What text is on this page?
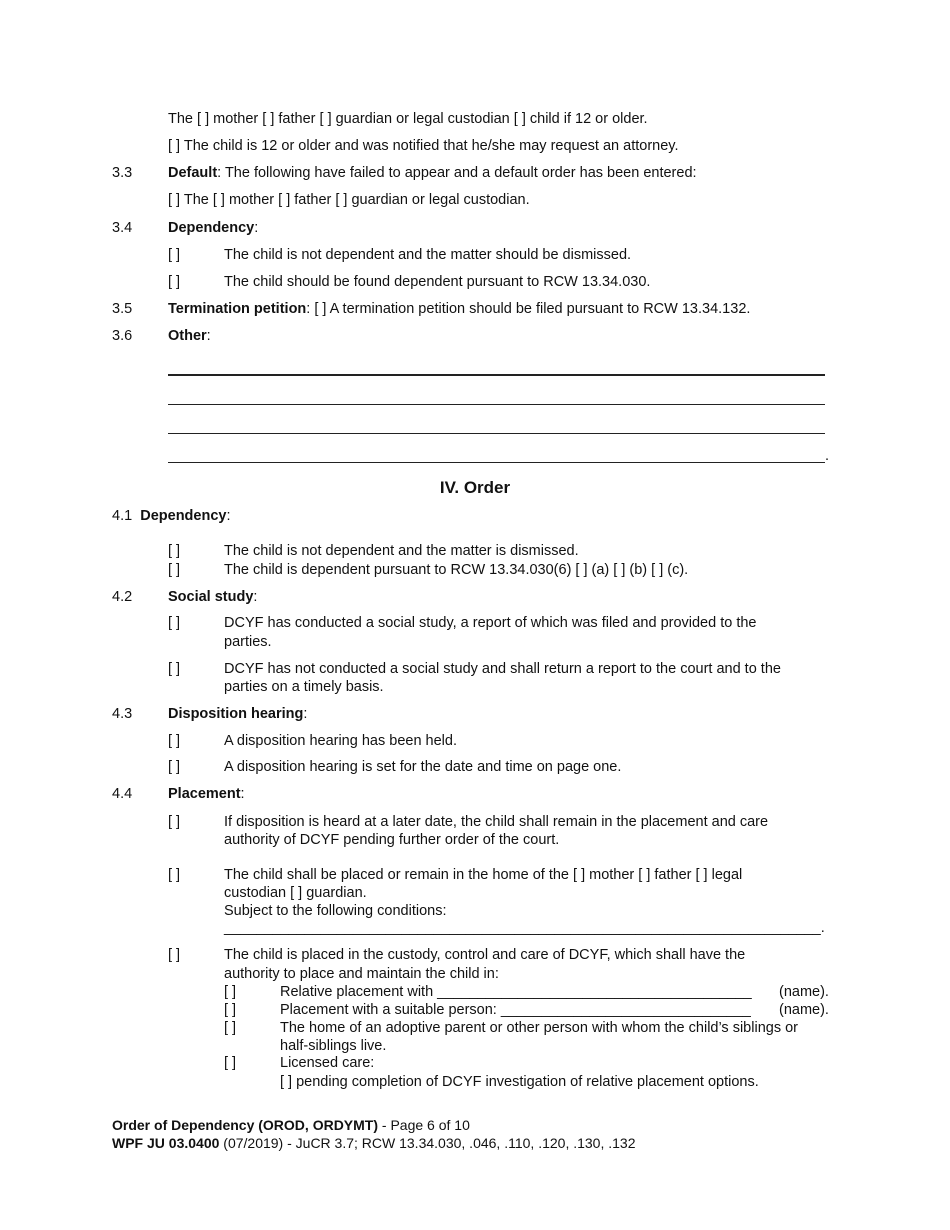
The [ ] mother [ ] father [ ] guardian or legal custodian [ ] child if 12 or older.
[ ] The child is 12 or older and was notified that he/she may request an attorney.
3.3 Default: The following have failed to appear and a default order has been entered:
[ ] The [ ] mother [ ] father [ ] guardian or legal custodian.
3.4 Dependency:
[ ]	The child is not dependent and the matter should be dismissed.
[ ]	The child should be found dependent pursuant to RCW 13.34.030.
3.5 Termination petition: [ ] A termination petition should be filed pursuant to RCW 13.34.132.
3.6 Other:
.
IV. Order
4.1 Dependency:
[ ]	The child is not dependent and the matter is dismissed.
[ ]	The child is dependent pursuant to RCW 13.34.030(6) [ ] (a) [ ] (b) [ ] (c).
4.2 Social study:
[ ]	DCYF has conducted a social study, a report of which was filed and provided to the
parties.
[ ]	DCYF has not conducted a social study and shall return a report to the court and to the
parties on a timely basis.
4.3 Disposition hearing:
[ ]	A disposition hearing has been held.
[ ]	A disposition hearing is set for the date and time on page one.
4.4 Placement:
[ ]	If disposition is heard at a later date, the child shall remain in the placement and care
authority of DCYF pending further order of the court.
[ ]	The child shall be placed or remain in the home of the [ ] mother [ ] father [ ] legal
custodian [ ] guardian.
Subject to the following conditions:
__________________________________________________________________________.
[ ]	The child is placed in the custody, control and care of DCYF, which shall have the
authority to place and maintain the child in:
[ ]	Relative placement with _______________________________________ (name).
[ ]	Placement with a suitable person: _______________________________ (name).
[ ]	The home of an adoptive parent or other person with whom the child’s siblings or
half-siblings live.
[ ]	Licensed care:
[ ] pending completion of DCYF investigation of relative placement options.
Order of Dependency (OROD, ORDYMT) - Page 6 of 10
WPF JU 03.0400 (07/2019) - JuCR 3.7; RCW 13.34.030, .046, .110, .120, .130, .132
